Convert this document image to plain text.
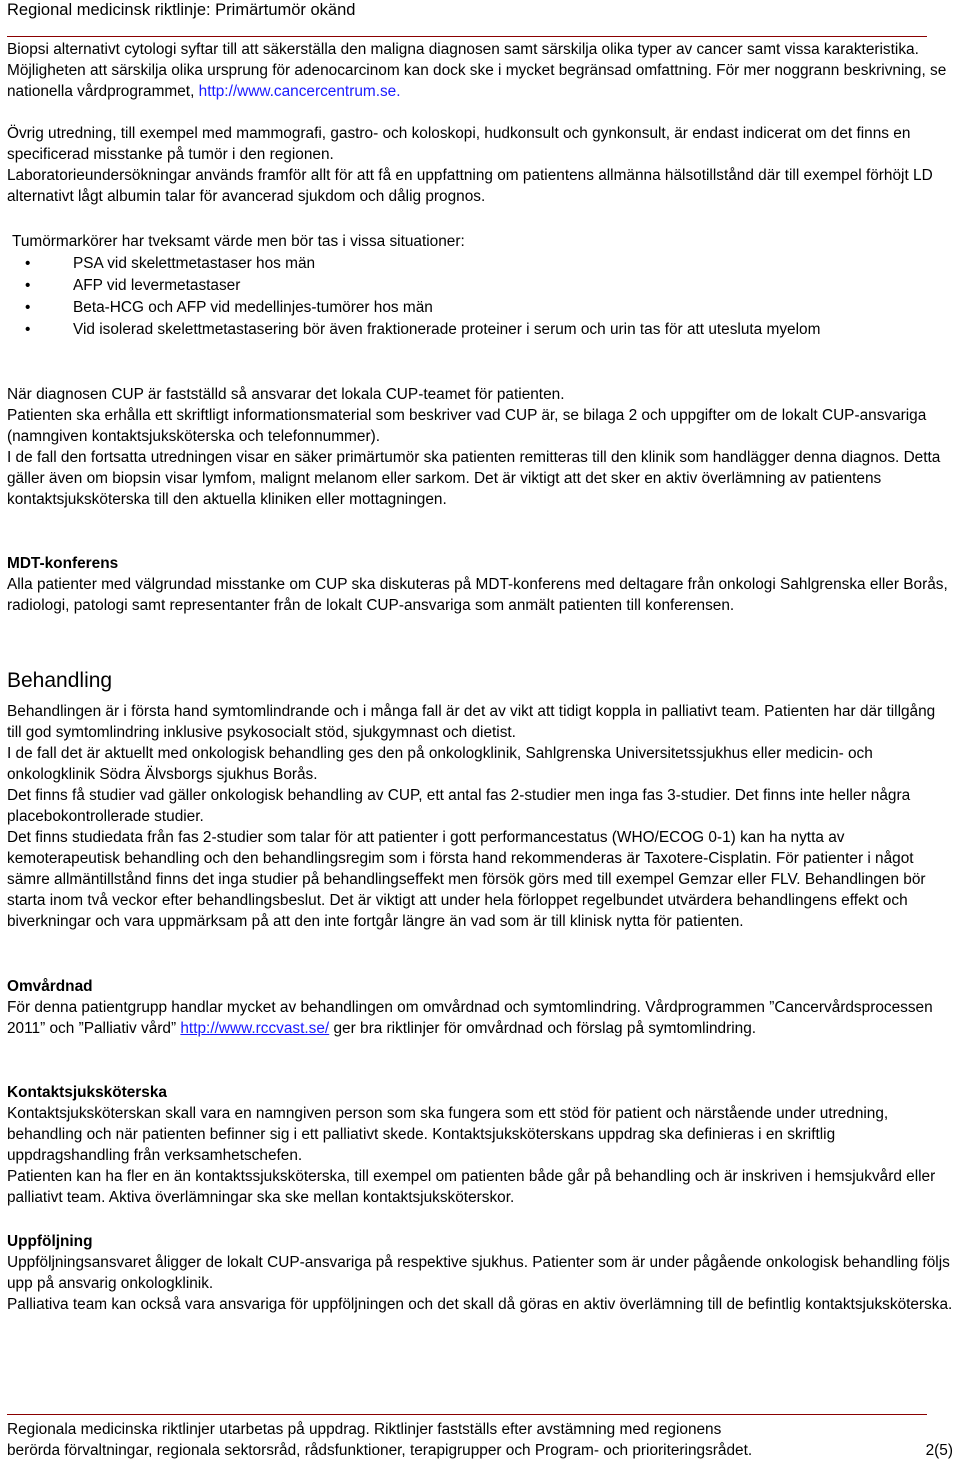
Regional medicinsk riktlinje: Primärtumör okänd

Biopsi alternativt cytologi syftar till att säkerställa den maligna diagnosen samt särskilja olika typer av cancer samt vissa karakteristika. Möjligheten att särskilja olika ursprung för adenocarcinom kan dock ske i mycket begränsad omfattning. För mer noggrann beskrivning, se nationella vårdprogrammet, http://www.cancercentrum.se.

Övrig utredning, till exempel med mammografi, gastro- och koloskopi, hudkonsult och gynkonsult, är endast indicerat om det finns en specificerad misstanke på tumör i den regionen.

Laboratorieundersökningar används framför allt för att få en uppfattning om patientens allmänna hälsotillstånd där till exempel förhöjt LD alternativt lågt albumin talar för avancerad sjukdom och dålig prognos.

Tumörmarkörer har tveksamt värde men bör tas i vissa situationer:

•	PSA vid skelettmetastaser hos män
•	AFP vid levermetastaser
•	Beta-HCG och AFP vid medellinjes-tumörer hos män
•	Vid isolerad skelettmetastasering bör även fraktionerade proteiner i serum och urin tas för att utesluta myelom

När diagnosen CUP är fastställd så ansvarar det lokala CUP-teamet för patienten.

Patienten ska erhålla ett skriftligt informationsmaterial som beskriver vad CUP är, se bilaga 2 och uppgifter om de lokalt CUP-ansvariga (namngiven kontaktsjuksköterska och telefonnummer).

I de fall den fortsatta utredningen visar en säker primärtumör ska patienten remitteras till den klinik som handlägger denna diagnos. Detta gäller även om biopsin visar lymfom, malignt melanom eller sarkom. Det är viktigt att det sker en aktiv överlämning av patientens kontaktsjuksköterska till den aktuella kliniken eller mottagningen.

MDT-konferens

Alla patienter med välgrundad misstanke om CUP ska diskuteras på MDT-konferens med deltagare från onkologi Sahlgrenska eller Borås, radiologi, patologi samt representanter från de lokalt CUP-ansvariga som anmält patienten till konferensen.

Behandling

Behandlingen är i första hand symtomlindrande och i många fall är det av vikt att tidigt koppla in palliativt team. Patienten har där tillgång till god symtomlindring inklusive psykosocialt stöd, sjukgymnast och dietist.

I de fall det är aktuellt med onkologisk behandling ges den på onkologklinik, Sahlgrenska Universitetssjukhus eller medicin- och onkologklinik Södra Älvsborgs sjukhus Borås.

Det finns få studier vad gäller onkologisk behandling av CUP, ett antal fas 2-studier men inga fas 3-studier. Det finns inte heller några placebokontrollerade studier.

Det finns studiedata från fas 2-studier som talar för att patienter i gott performancestatus (WHO/ECOG 0-1) kan ha nytta av kemoterapeutisk behandling och den behandlingsregim som i första hand rekommenderas är Taxotere-Cisplatin. För patienter i något sämre allmäntillstånd finns det inga studier på behandlingseffekt men försök görs med till exempel Gemzar eller FLV. Behandlingen bör starta inom två veckor efter behandlingsbeslut. Det är viktigt att under hela förloppet regelbundet utvärdera behandlingens effekt och biverkningar och vara uppmärksam på att den inte fortgår längre än vad som är till klinisk nytta för patienten.

Omvårdnad

För denna patientgrupp handlar mycket av behandlingen om omvårdnad och symtomlindring. Vårdprogrammen ”Cancervårdsprocessen 2011” och ”Palliativ vård” http://www.rccvast.se/ ger bra riktlinjer för omvårdnad och förslag på symtomlindring.

Kontaktsjuksköterska

Kontaktsjuksköterskan skall vara en namngiven person som ska fungera som ett stöd för patient och närstående under utredning, behandling och när patienten befinner sig i ett palliativt skede. Kontaktsjuksköterskans uppdrag ska definieras i en skriftlig uppdragshandling från verksamhetschefen.

Patienten kan ha fler en än kontaktssjuksköterska, till exempel om patienten både går på behandling och är inskriven i hemsjukvård eller palliativt team. Aktiva överlämningar ska ske mellan kontaktsjuksköterskor.

Uppföljning

Uppföljningsansvaret åligger de lokalt CUP-ansvariga på respektive sjukhus. Patienter som är under pågående onkologisk behandling följs upp på ansvarig onkologklinik.

Palliativa team kan också vara ansvariga för uppföljningen och det skall då göras en aktiv överlämning till de befintlig kontaktsjuksköterska.

Regionala medicinska riktlinjer utarbetas på uppdrag. Riktlinjer fastställs efter avstämning med regionens

berörda förvaltningar, regionala sektorsråd, rådsfunktioner, terapigrupper och Program- och prioriteringsrådet.	2(5)
